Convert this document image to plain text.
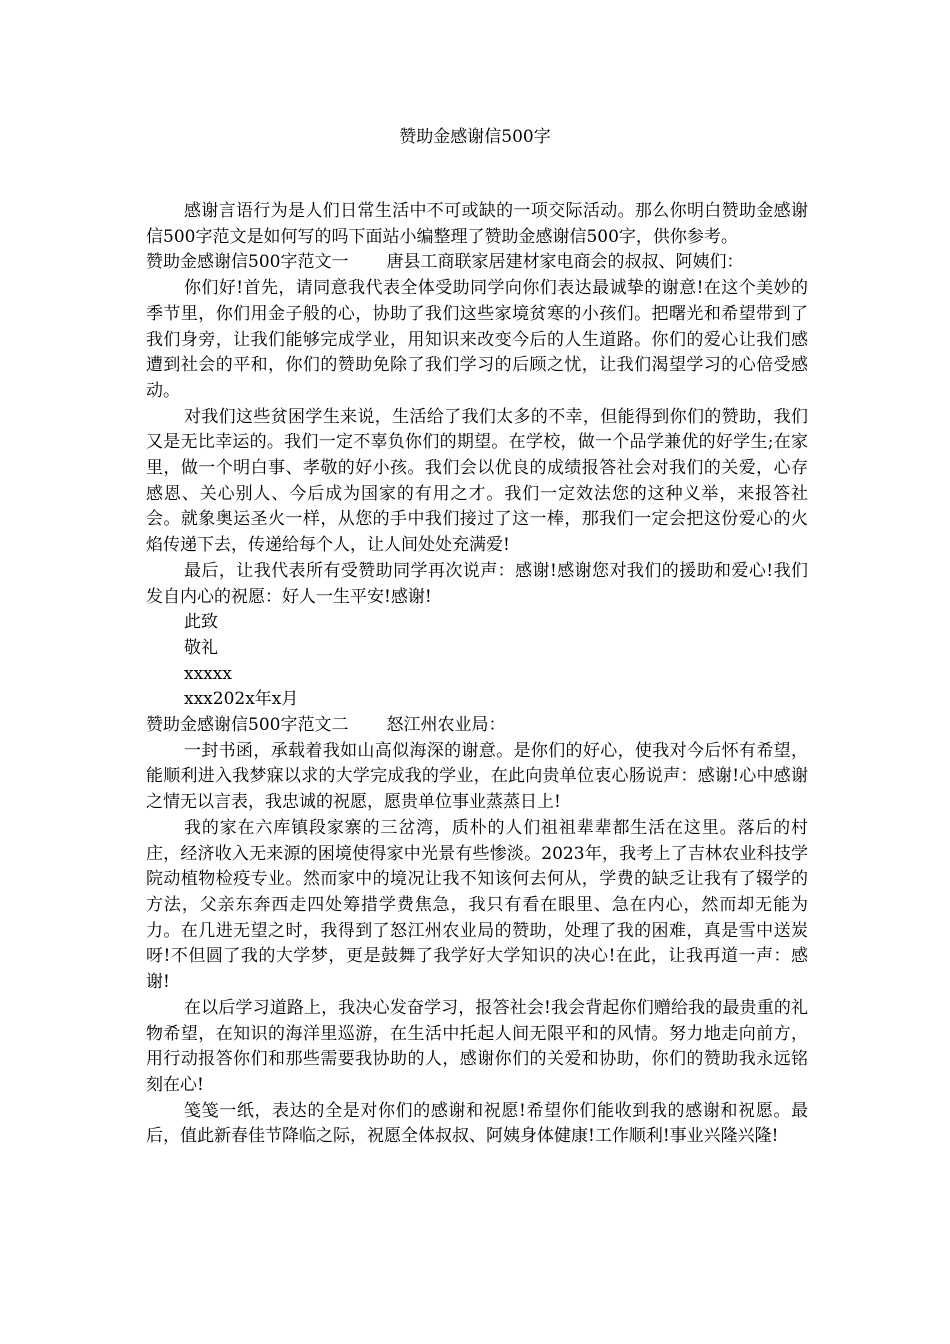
赞助金感谢信500字

感谢言语行为是人们日常生活中不可或缺的一项交际活动。那么你明白赞助金感谢信500字范文是如何写的吗下面站小编整理了赞助金感谢信500字，供你参考。

赞助金感谢信500字范文一 唐县工商联家居建材家电商会的叔叔、阿姨们：

你们好!首先，请同意我代表全体受助同学向你们表达最诚挚的谢意!在这个美妙的季节里，你们用金子般的心，协助了我们这些家境贫寒的小孩们。把曙光和希望带到了我们身旁，让我们能够完成学业，用知识来改变今后的人生道路。你们的爱心让我们感遭到社会的平和，你们的赞助免除了我们学习的后顾之忧，让我们渴望学习的心倍受感动。

对我们这些贫困学生来说，生活给了我们太多的不幸，但能得到你们的赞助，我们又是无比幸运的。我们一定不辜负你们的期望。在学校，做一个品学兼优的好学生;在家里，做一个明白事、孝敬的好小孩。我们会以优良的成绩报答社会对我们的关爱，心存感恩、关心别人、今后成为国家的有用之才。我们一定效法您的这种义举，来报答社会。就象奥运圣火一样，从您的手中我们接过了这一棒，那我们一定会把这份爱心的火焰传递下去，传递给每个人，让人间处处充满爱!

最后，让我代表所有受赞助同学再次说声：感谢!感谢您对我们的援助和爱心!我们发自内心的祝愿：好人一生平安!感谢!

此致

敬礼

xxxxx

xxx202x年x月

赞助金感谢信500字范文二 怒江州农业局：

一封书函，承载着我如山高似海深的谢意。是你们的好心，使我对今后怀有希望，能顺利进入我梦寐以求的大学完成我的学业，在此向贵单位衷心肠说声：感谢!心中感谢之情无以言表，我忠诚的祝愿，愿贵单位事业蒸蒸日上!

我的家在六库镇段家寨的三岔湾，质朴的人们祖祖辈辈都生活在这里。落后的村庄，经济收入无来源的困境使得家中光景有些惨淡。2023年，我考上了吉林农业科技学院动植物检疫专业。然而家中的境况让我不知该何去何从，学费的缺乏让我有了辍学的方法，父亲东奔西走四处筹措学费焦急，我只有看在眼里、急在内心，然而却无能为力。在几进无望之时，我得到了怒江州农业局的赞助，处理了我的困难，真是雪中送炭呀!不但圆了我的大学梦，更是鼓舞了我学好大学知识的决心!在此，让我再道一声：感谢!

在以后学习道路上，我决心发奋学习，报答社会!我会背起你们赠给我的最贵重的礼物希望，在知识的海洋里巡游，在生活中托起人间无限平和的风情。努力地走向前方，用行动报答你们和那些需要我协助的人，感谢你们的关爱和协助，你们的赞助我永远铭刻在心!

笺笺一纸，表达的全是对你们的感谢和祝愿!希望你们能收到我的感谢和祝愿。最后，值此新春佳节降临之际，祝愿全体叔叔、阿姨身体健康!工作顺利!事业兴隆兴隆!
